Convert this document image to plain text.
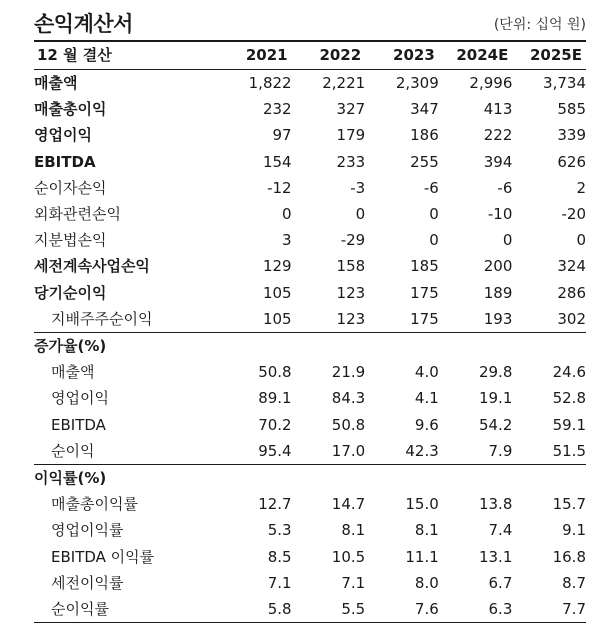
손익계산서	(단위: 십억 원)
12 월 결산	2021	2022	2023	2024E	2025E
매출액	1,822	2,221	2,309	2,996	3,734
매출총이익	232	327	347	413	585
영업이익	97	179	186	222	339
EBITDA	154	233	255	394	626
순이자손익	-12	-3	-6	-6	2
외화관련손익	0	0	0	-10	-20
지분법손익	3	-29	0	0	0
세전계속사업손익	129	158	185	200	324
당기순이익	105	123	175	189	286
지배주주순이익	105	123	175	193	302
증가율(%)					
매출액	50.8	21.9	4.0	29.8	24.6
영업이익	89.1	84.3	4.1	19.1	52.8
EBITDA	70.2	50.8	9.6	54.2	59.1
순이익	95.4	17.0	42.3	7.9	51.5
이익률(%)					
매출총이익률	12.7	14.7	15.0	13.8	15.7
영업이익률	5.3	8.1	8.1	7.4	9.1
EBITDA 이익률	8.5	10.5	11.1	13.1	16.8
세전이익률	7.1	7.1	8.0	6.7	8.7
순이익률	5.8	5.5	7.6	6.3	7.7
